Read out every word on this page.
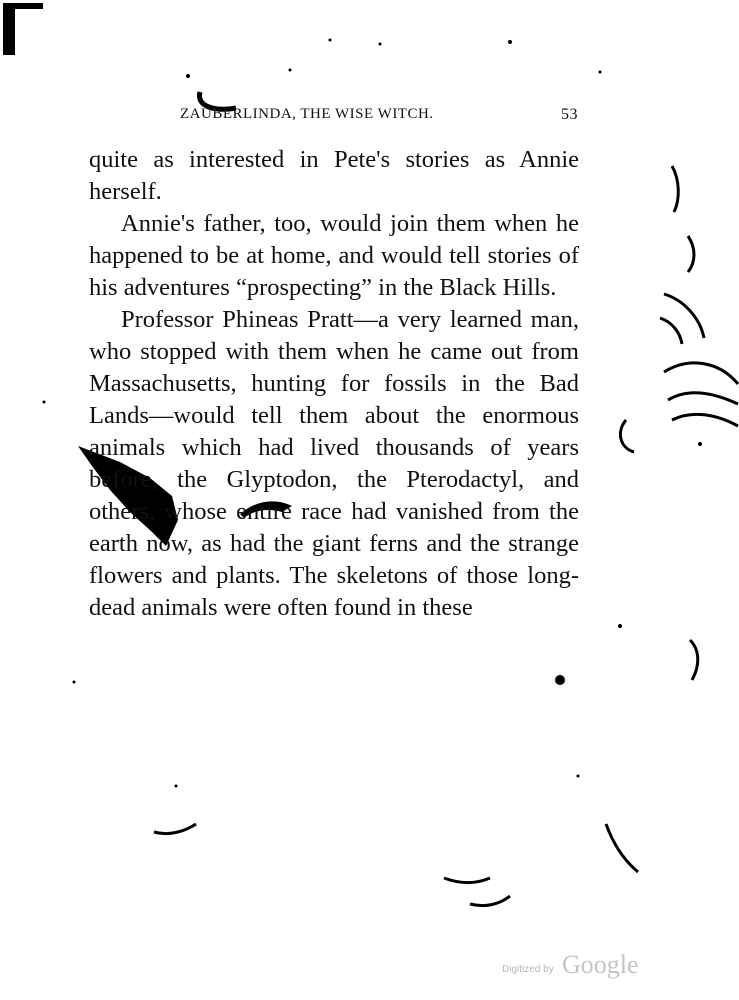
ZAUBERLINDA, THE WISE WITCH.	53

quite as interested in Pete's stories as Annie herself.

Annie's father, too, would join them when he happened to be at home, and would tell stories of his adventures “prospecting” in the Black Hills.

Professor Phineas Pratt—a very learned man, who stopped with them when he came out from Massachusetts, hunting for fossils in the Bad Lands—would tell them about the enormous animals which had lived thousands of years before, the Glyptodon, the Pterodactyl, and others, whose entire race had vanished from the earth now, as had the giant ferns and the strange flowers and plants. The skeletons of those long-dead animals were often found in these

Digitized by Google
